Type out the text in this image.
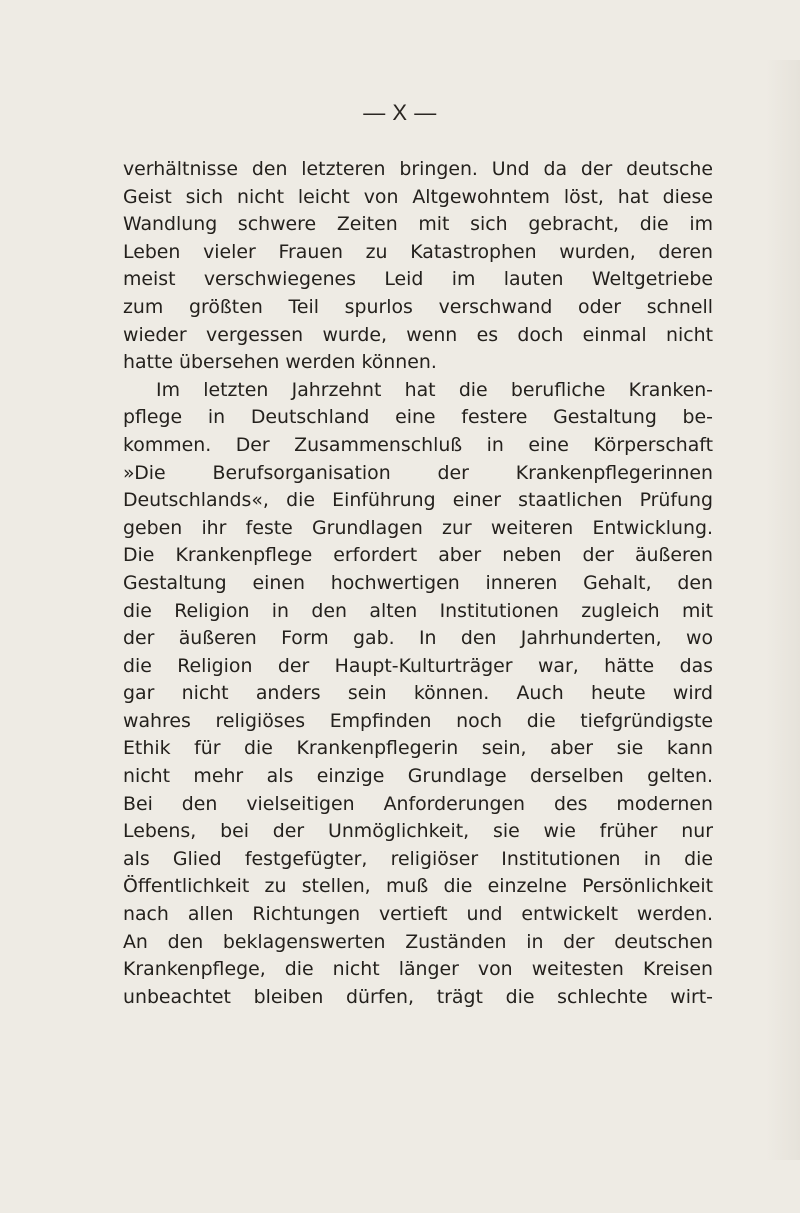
— X —
verhältnisse den letzteren bringen. Und da der deutsche
Geist sich nicht leicht von Altgewohntem löst, hat diese
Wandlung schwere Zeiten mit sich gebracht, die im
Leben vieler Frauen zu Katastrophen wurden, deren
meist verschwiegenes Leid im lauten Weltgetriebe
zum größten Teil spurlos verschwand oder schnell
wieder vergessen wurde, wenn es doch einmal nicht
hatte übersehen werden können.
Im letzten Jahrzehnt hat die berufliche Kranken-
pflege in Deutschland eine festere Gestaltung be-
kommen. Der Zusammenschluß in eine Körperschaft
»Die Berufsorganisation der Krankenpflegerinnen
Deutschlands«, die Einführung einer staatlichen Prüfung
geben ihr feste Grundlagen zur weiteren Entwicklung.
Die Krankenpflege erfordert aber neben der äußeren
Gestaltung einen hochwertigen inneren Gehalt, den
die Religion in den alten Institutionen zugleich mit
der äußeren Form gab. In den Jahrhunderten, wo
die Religion der Haupt-Kulturträger war, hätte das
gar nicht anders sein können. Auch heute wird
wahres religiöses Empfinden noch die tiefgründigste
Ethik für die Krankenpflegerin sein, aber sie kann
nicht mehr als einzige Grundlage derselben gelten.
Bei den vielseitigen Anforderungen des modernen
Lebens, bei der Unmöglichkeit, sie wie früher nur
als Glied festgefügter, religiöser Institutionen in die
Öffentlichkeit zu stellen, muß die einzelne Persönlichkeit
nach allen Richtungen vertieft und entwickelt werden.
An den beklagenswerten Zuständen in der deutschen
Krankenpflege, die nicht länger von weitesten Kreisen
unbeachtet bleiben dürfen, trägt die schlechte wirt-
